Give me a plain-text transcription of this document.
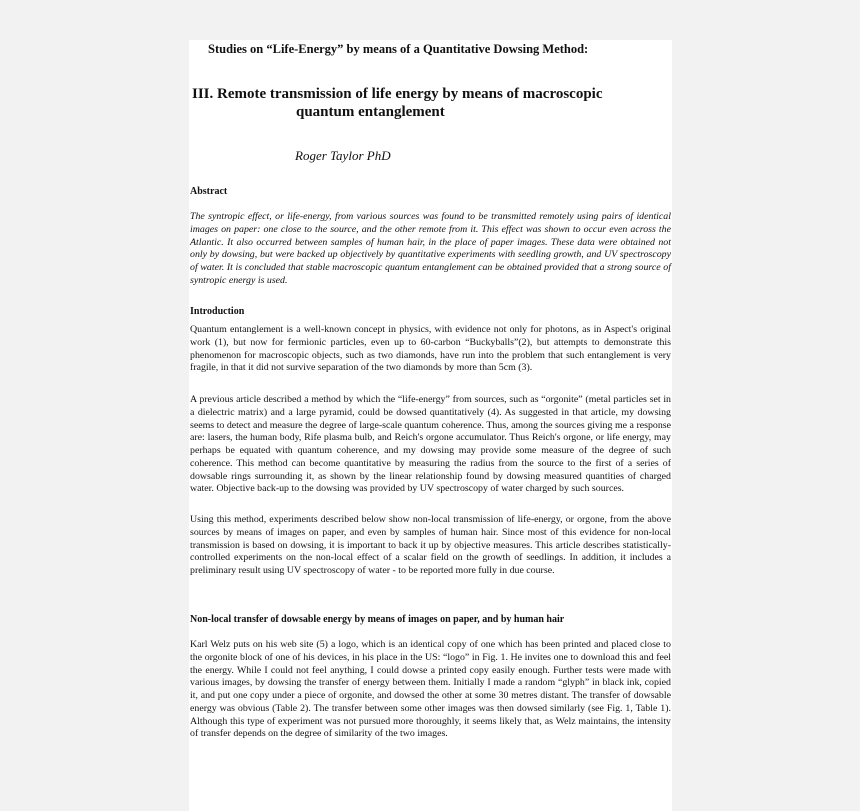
Studies on “Life-Energy” by means of a Quantitative Dowsing Method:

III. Remote transmission of life energy by means of macroscopic
quantum entanglement

Roger Taylor PhD

Abstract

The syntropic effect, or life-energy, from various sources was found to be transmitted remotely using pairs of identical images on paper: one close to the source, and the other remote from it. This effect was shown to occur even across the Atlantic. It also occurred between samples of human hair, in the place of paper images. These data were obtained not only by dowsing, but were backed up objectively by quantitative experiments with seedling growth, and UV spectroscopy of water. It is concluded that stable macroscopic quantum entanglement can be obtained provided that a strong source of syntropic energy is used.

Introduction

Quantum entanglement is a well-known concept in physics, with evidence not only for photons, as in Aspect's original work (1), but now for fermionic particles, even up to 60-carbon “Buckyballs”(2), but attempts to demonstrate this phenomenon for macroscopic objects, such as two diamonds, have run into the problem that such entanglement is very fragile, in that it did not survive separation of the two diamonds by more than 5cm (3).

A previous article described a method by which the “life-energy” from sources, such as “orgonite” (metal particles set in a dielectric matrix) and a large pyramid, could be dowsed quantitatively (4). As suggested in that article, my dowsing seems to detect and measure the degree of large-scale quantum coherence. Thus, among the sources giving me a response are: lasers, the human body, Rife plasma bulb, and Reich's orgone accumulator. Thus Reich's orgone, or life energy, may perhaps be equated with quantum coherence, and my dowsing may provide some measure of the degree of such coherence. This method can become quantitative by measuring the radius from the source to the first of a series of dowsable rings surrounding it, as shown by the linear relationship found by dowsing measured quantities of charged water. Objective back-up to the dowsing was provided by UV spectroscopy of water charged by such sources.

Using this method, experiments described below show non-local transmission of life-energy, or orgone, from the above sources by means of images on paper, and even by samples of human hair. Since most of this evidence for non-local transmission is based on dowsing, it is important to back it up by objective measures. This article describes statistically-controlled experiments on the non-local effect of a scalar field on the growth of seedlings. In addition, it includes a preliminary result using UV spectroscopy of water - to be reported more fully in due course.

Non-local transfer of dowsable energy by means of images on paper, and by human hair

Karl Welz puts on his web site (5) a logo, which is an identical copy of one which has been printed and placed close to the orgonite block of one of his devices, in his place in the US: “logo” in Fig. 1. He invites one to download this and feel the energy. While I could not feel anything, I could dowse a printed copy easily enough. Further tests were made with various images, by dowsing the transfer of energy between them. Initially I made a random “glyph” in black ink, copied it, and put one copy under a piece of orgonite, and dowsed the other at some 30 metres distant. The transfer of dowsable energy was obvious (Table 2). The transfer between some other images was then dowsed similarly (see Fig. 1, Table 1). Although this type of experiment was not pursued more thoroughly, it seems likely that, as Welz maintains, the intensity of transfer depends on the degree of similarity of the two images.
